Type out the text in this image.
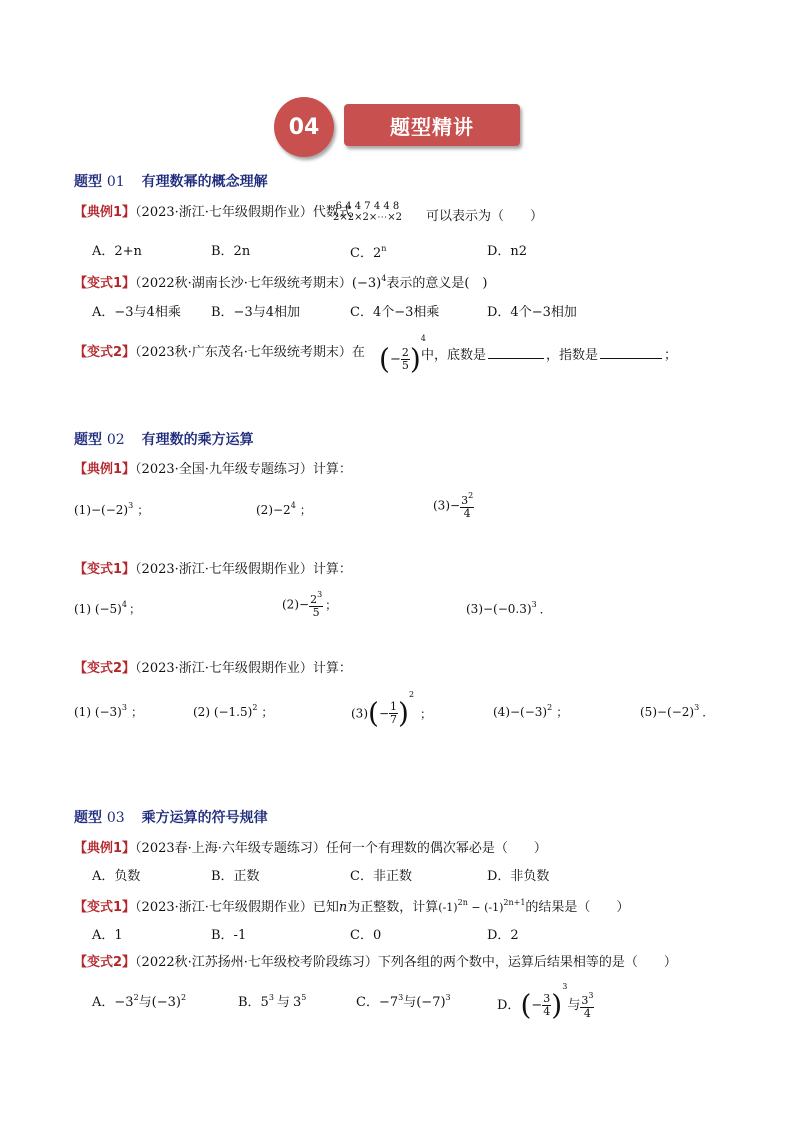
04	题型精讲
题型 01 有理数幂的概念理解
【典例1】（2023·浙江·七年级假期作业）代数式
6 4 4 7 4 4 8
2×2×2×⋯×2 可以表示为（　　）
A．2+n	B．2n	C．2$^n$	D．n2
【变式1】（2022秋·湖南长沙·七年级统考期末）$(-3)^4$表示的意义是(　)
A．−3与4相乘 B．−3与4相加	C．4个−3相乘	D．4个−3相加
【变式2】（2023秋·广东茂名·七年级统考期末）在 (− $\frac{2}{5} )^4$
中，底数是	，指数是	；
题型 02 有理数的乘方运算
【典例1】（2023·全国·九年级专题练习）计算：
$(1)-(-2)^3$ ；	$(2)-2^4$ ；	$(3)- \frac{3^2}{4}$
【变式1】（2023·浙江·七年级假期作业）计算：
(1) $(-5)^4$ ；	$(2)- \frac{2^3}{5}$ ；	$(3)-(-0.3)^3$ ．
【变式2】（2023·浙江·七年级假期作业）计算：
(1) $(-3)^3$ ；	(2) $(-1.5)^2$ ；	$(3)(- \frac{1}{7} )^2$；	$(4)-(-3)^2$ ；	$(5)-(-2)^3$ ．
题型 03 乘方运算的符号规律
【典例1】（2023春·上海·六年级专题练习）任何一个有理数的偶次幂必是（　　）
A．负数	B．正数	C．非正数	D．非负数
【变式1】（2023·浙江·七年级假期作业）已知n为正整数，计算$(-1)^{2n} - (-1)^{2n+1}$的结果是（　　）
A．1	B．-1	C．0	D．2
【变式2】（2022秋·江苏扬州·七年级校考阶段练习）下列各组的两个数中，运算后结果相等的是（　　）
A．$-3^2$与$(-3)^2$	B．$5^3$ 与 $3^5$	C．$-7^3$与$(-7)^3$
D．(− $\frac{3}{4} )^3$与 $\frac{3^3}{4}$
